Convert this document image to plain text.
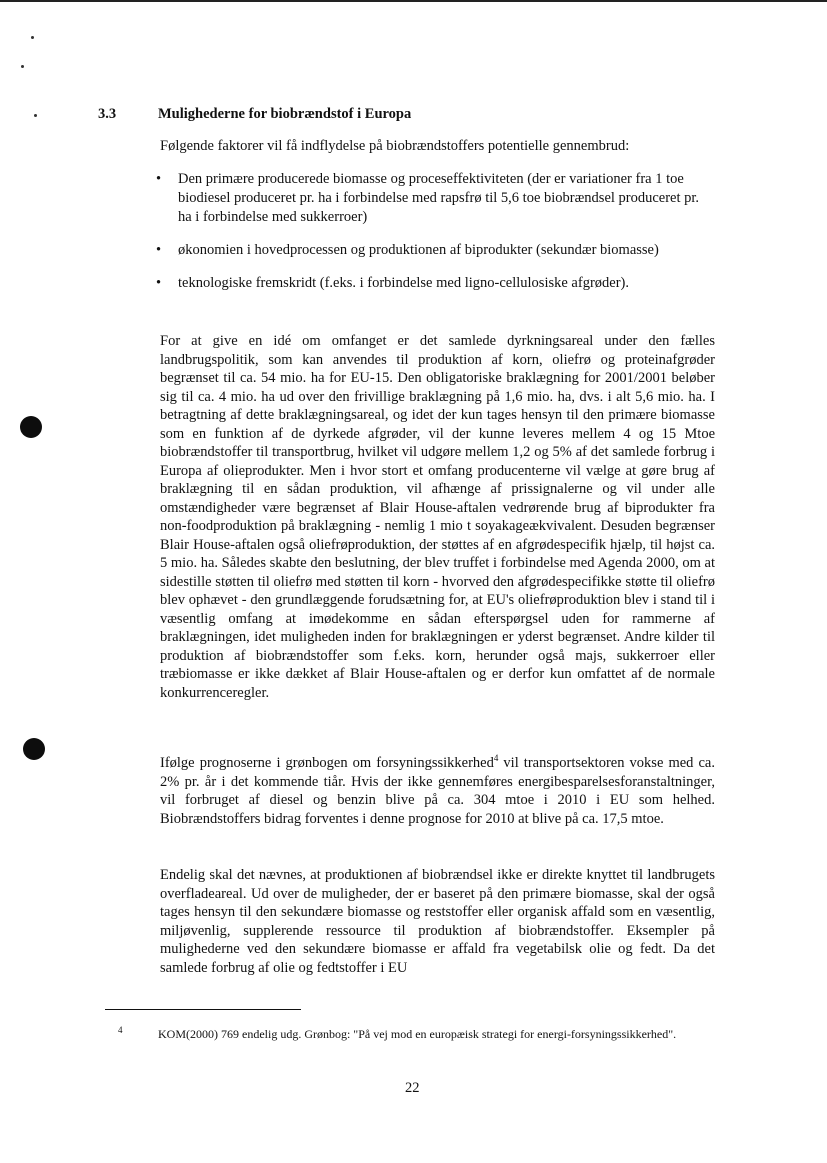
3.3	Mulighederne for biobrændstof i Europa
Følgende faktorer vil få indflydelse på biobrændstoffers potentielle gennembrud:
• Den primære producerede biomasse og proceseffektiviteten (der er variationer fra 1 toe biodiesel produceret pr. ha i forbindelse med rapsfrø til 5,6 toe biobrændsel produceret pr. ha i forbindelse med sukkerroer)
• økonomien i hovedprocessen og produktionen af biprodukter (sekundær biomasse)
• teknologiske fremskridt (f.eks. i forbindelse med ligno-cellulosiske afgrøder).

For at give en idé om omfanget er det samlede dyrkningsareal under den fælles landbrugspolitik, som kan anvendes til produktion af korn, oliefrø og proteinafgrøder begrænset til ca. 54 mio. ha for EU-15. Den obligatoriske braklægning for 2001/2001 beløber sig til ca. 4 mio. ha ud over den frivillige braklægning på 1,6 mio. ha, dvs. i alt 5,6 mio. ha. I betragtning af dette braklægningsareal, og idet der kun tages hensyn til den primære biomasse som en funktion af de dyrkede afgrøder, vil der kunne leveres mellem 4 og 15 Mtoe biobrændstoffer til transportbrug, hvilket vil udgøre mellem 1,2 og 5% af det samlede forbrug i Europa af olieprodukter. Men i hvor stort et omfang producenterne vil vælge at gøre brug af braklægning til en sådan produktion, vil afhænge af prissignalerne og vil under alle omstændigheder være begrænset af Blair House-aftalen vedrørende brug af biprodukter fra non-foodproduktion på braklægning - nemlig 1 mio t soyakageækvivalent. Desuden begrænser Blair House-aftalen også oliefrøproduktion, der støttes af en afgrødespecifik hjælp, til højst ca. 5 mio. ha. Således skabte den beslutning, der blev truffet i forbindelse med Agenda 2000, om at sidestille støtten til oliefrø med støtten til korn - hvorved den afgrødespecifikke støtte til oliefrø blev ophævet - den grundlæggende forudsætning for, at EU's oliefrøproduktion blev i stand til i væsentlig omfang at imødekomme en sådan efterspørgsel uden for rammerne af braklægningen, idet muligheden inden for braklægningen er yderst begrænset. Andre kilder til produktion af biobrændstoffer som f.eks. korn, herunder også majs, sukkerroer eller træbiomasse er ikke dækket af Blair House-aftalen og er derfor kun omfattet af de normale konkurrenceregler.

Ifølge prognoserne i grønbogen om forsyningssikkerhed$^4$ vil transportsektoren vokse med ca. 2% pr. år i det kommende tiår. Hvis der ikke gennemføres energibesparelsesforanstaltninger, vil forbruget af diesel og benzin blive på ca. 304 mtoe i 2010 i EU som helhed. Biobrændstoffers bidrag forventes i denne prognose for 2010 at blive på ca. 17,5 mtoe.

Endelig skal det nævnes, at produktionen af biobrændsel ikke er direkte knyttet til landbrugets overfladeareal. Ud over de muligheder, der er baseret på den primære biomasse, skal der også tages hensyn til den sekundære biomasse og reststoffer eller organisk affald som en væsentlig, miljøvenlig, supplerende ressource til produktion af biobrændstoffer. Eksempler på mulighederne ved den sekundære biomasse er affald fra vegetabilsk olie og fedt. Da det samlede forbrug af olie og fedtstoffer i EU

4	KOM(2000) 769 endelig udg. Grønbog: "På vej mod en europæisk strategi for energi-forsyningssikkerhed".
22
